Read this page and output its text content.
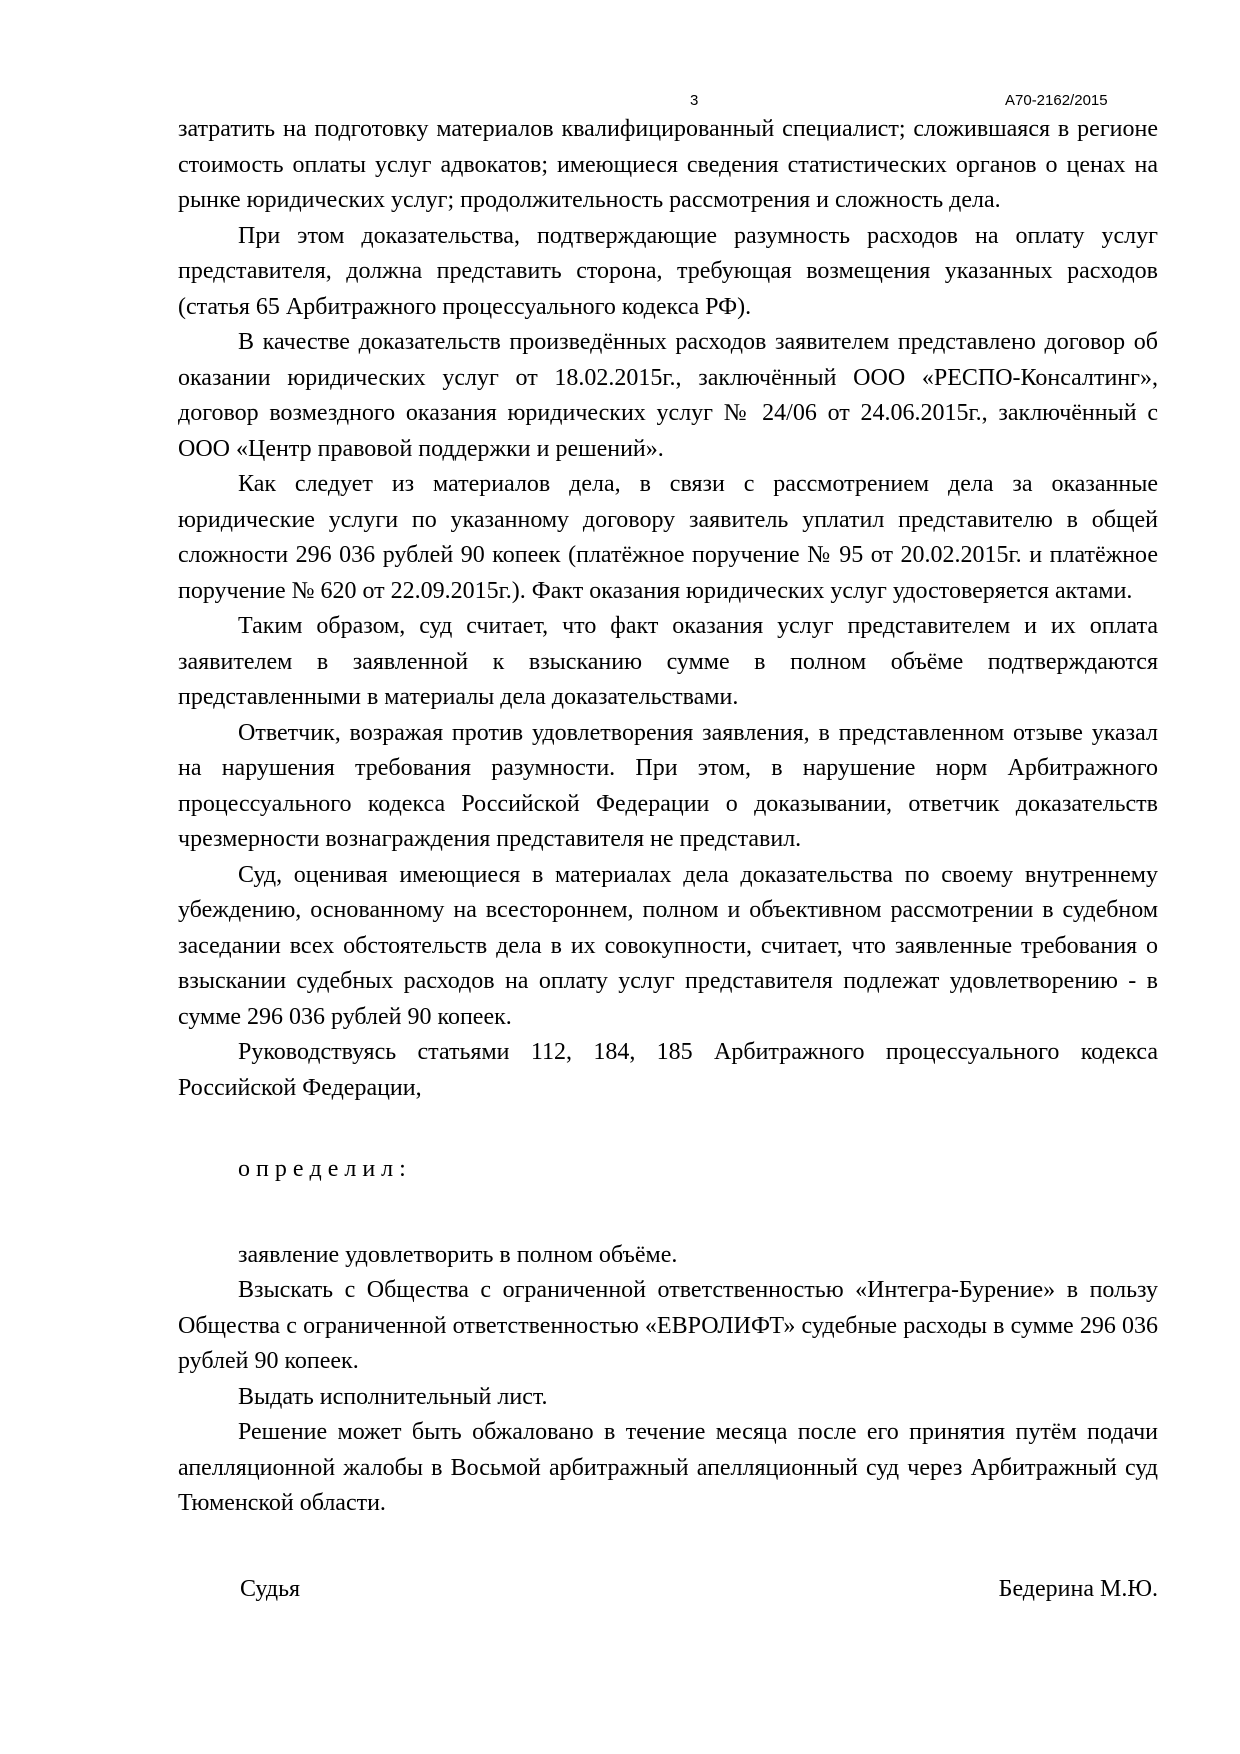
3	А70-2162/2015

затратить на подготовку материалов квалифицированный специалист; сложившаяся в регионе стоимость оплаты услуг адвокатов; имеющиеся сведения статистических органов о ценах на рынке юридических услуг; продолжительность рассмотрения и сложность дела.

При этом доказательства, подтверждающие разумность расходов на оплату услуг представителя, должна представить сторона, требующая возмещения указанных расходов (статья 65 Арбитражного процессуального кодекса РФ).

В качестве доказательств произведённых расходов заявителем представлено договор об оказании юридических услуг от 18.02.2015г., заключённый ООО «РЕСПО-Консалтинг», договор возмездного оказания юридических услуг № 24/06 от 24.06.2015г., заключённый с ООО «Центр правовой поддержки и решений».

Как следует из материалов дела, в связи с рассмотрением дела за оказанные юридические услуги по указанному договору заявитель уплатил представителю в общей сложности 296 036 рублей 90 копеек (платёжное поручение № 95 от 20.02.2015г. и платёжное поручение № 620 от 22.09.2015г.). Факт оказания юридических услуг удостоверяется актами.

Таким образом, суд считает, что факт оказания услуг представителем и их оплата заявителем в заявленной к взысканию сумме в полном объёме подтверждаются представленными в материалы дела доказательствами.

Ответчик, возражая против удовлетворения заявления, в представленном отзыве указал на нарушения требования разумности. При этом, в нарушение норм Арбитражного процессуального кодекса Российской Федерации о доказывании, ответчик доказательств чрезмерности вознаграждения представителя не представил.

Суд, оценивая имеющиеся в материалах дела доказательства по своему внутреннему убеждению, основанному на всестороннем, полном и объективном рассмотрении в судебном заседании всех обстоятельств дела в их совокупности, считает, что заявленные требования о взыскании судебных расходов на оплату услуг представителя подлежат удовлетворению - в сумме 296 036 рублей 90 копеек.

Руководствуясь статьями 112, 184, 185 Арбитражного процессуального кодекса Российской Федерации,

о п р е д е л и л :

заявление удовлетворить в полном объёме.

Взыскать с Общества с ограниченной ответственностью «Интегра-Бурение» в пользу Общества с ограниченной ответственностью «ЕВРОЛИФТ» судебные расходы в сумме 296 036 рублей 90 копеек.

Выдать исполнительный лист.

Решение может быть обжаловано в течение месяца после его принятия путём подачи апелляционной жалобы в Восьмой арбитражный апелляционный суд через Арбитражный суд Тюменской области.

Судья	Бедерина М.Ю.
